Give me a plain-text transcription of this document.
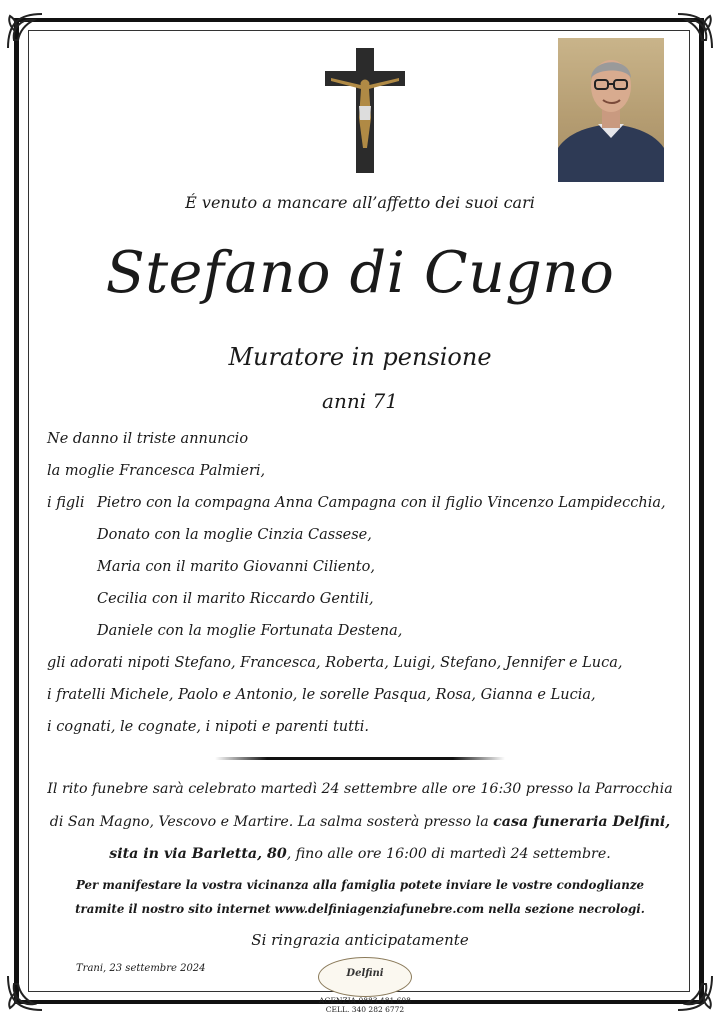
É venuto a mancare all’affetto dei suoi cari
Stefano di Cugno
Muratore in pensione
anni 71
Ne danno il triste annuncio
la moglie Francesca Palmieri,
i figli Pietro con la compagna Anna Campagna con il figlio Vincenzo Lampidecchia,
Donato con la moglie Cinzia Cassese,
Maria con il marito Giovanni Ciliento,
Cecilia con il marito Riccardo Gentili,
Daniele con la moglie Fortunata Destena,
gli adorati nipoti Stefano, Francesca, Roberta, Luigi, Stefano, Jennifer e Luca,
i fratelli Michele, Paolo e Antonio, le sorelle Pasqua, Rosa, Gianna e Lucia,
i cognati, le cognate, i nipoti e parenti tutti.
Il rito funebre sarà celebrato martedì 24 settembre alle ore 16:30 presso la Parrocchia
di San Magno, Vescovo e Martire. La salma sosterà presso la casa funeraria Delfini,
sita in via Barletta, 80, fino alle ore 16:00 di martedì 24 settembre.
Per manifestare la vostra vicinanza alla famiglia potete inviare le vostre condoglianze
tramite il nostro sito internet www.delfiniagenziafunebre.com nella sezione necrologi.
Si ringrazia anticipatamente
Trani, 23 settembre 2024	Delfini
AGENZIA 0883 481 608
CELL. 340 282 6772
